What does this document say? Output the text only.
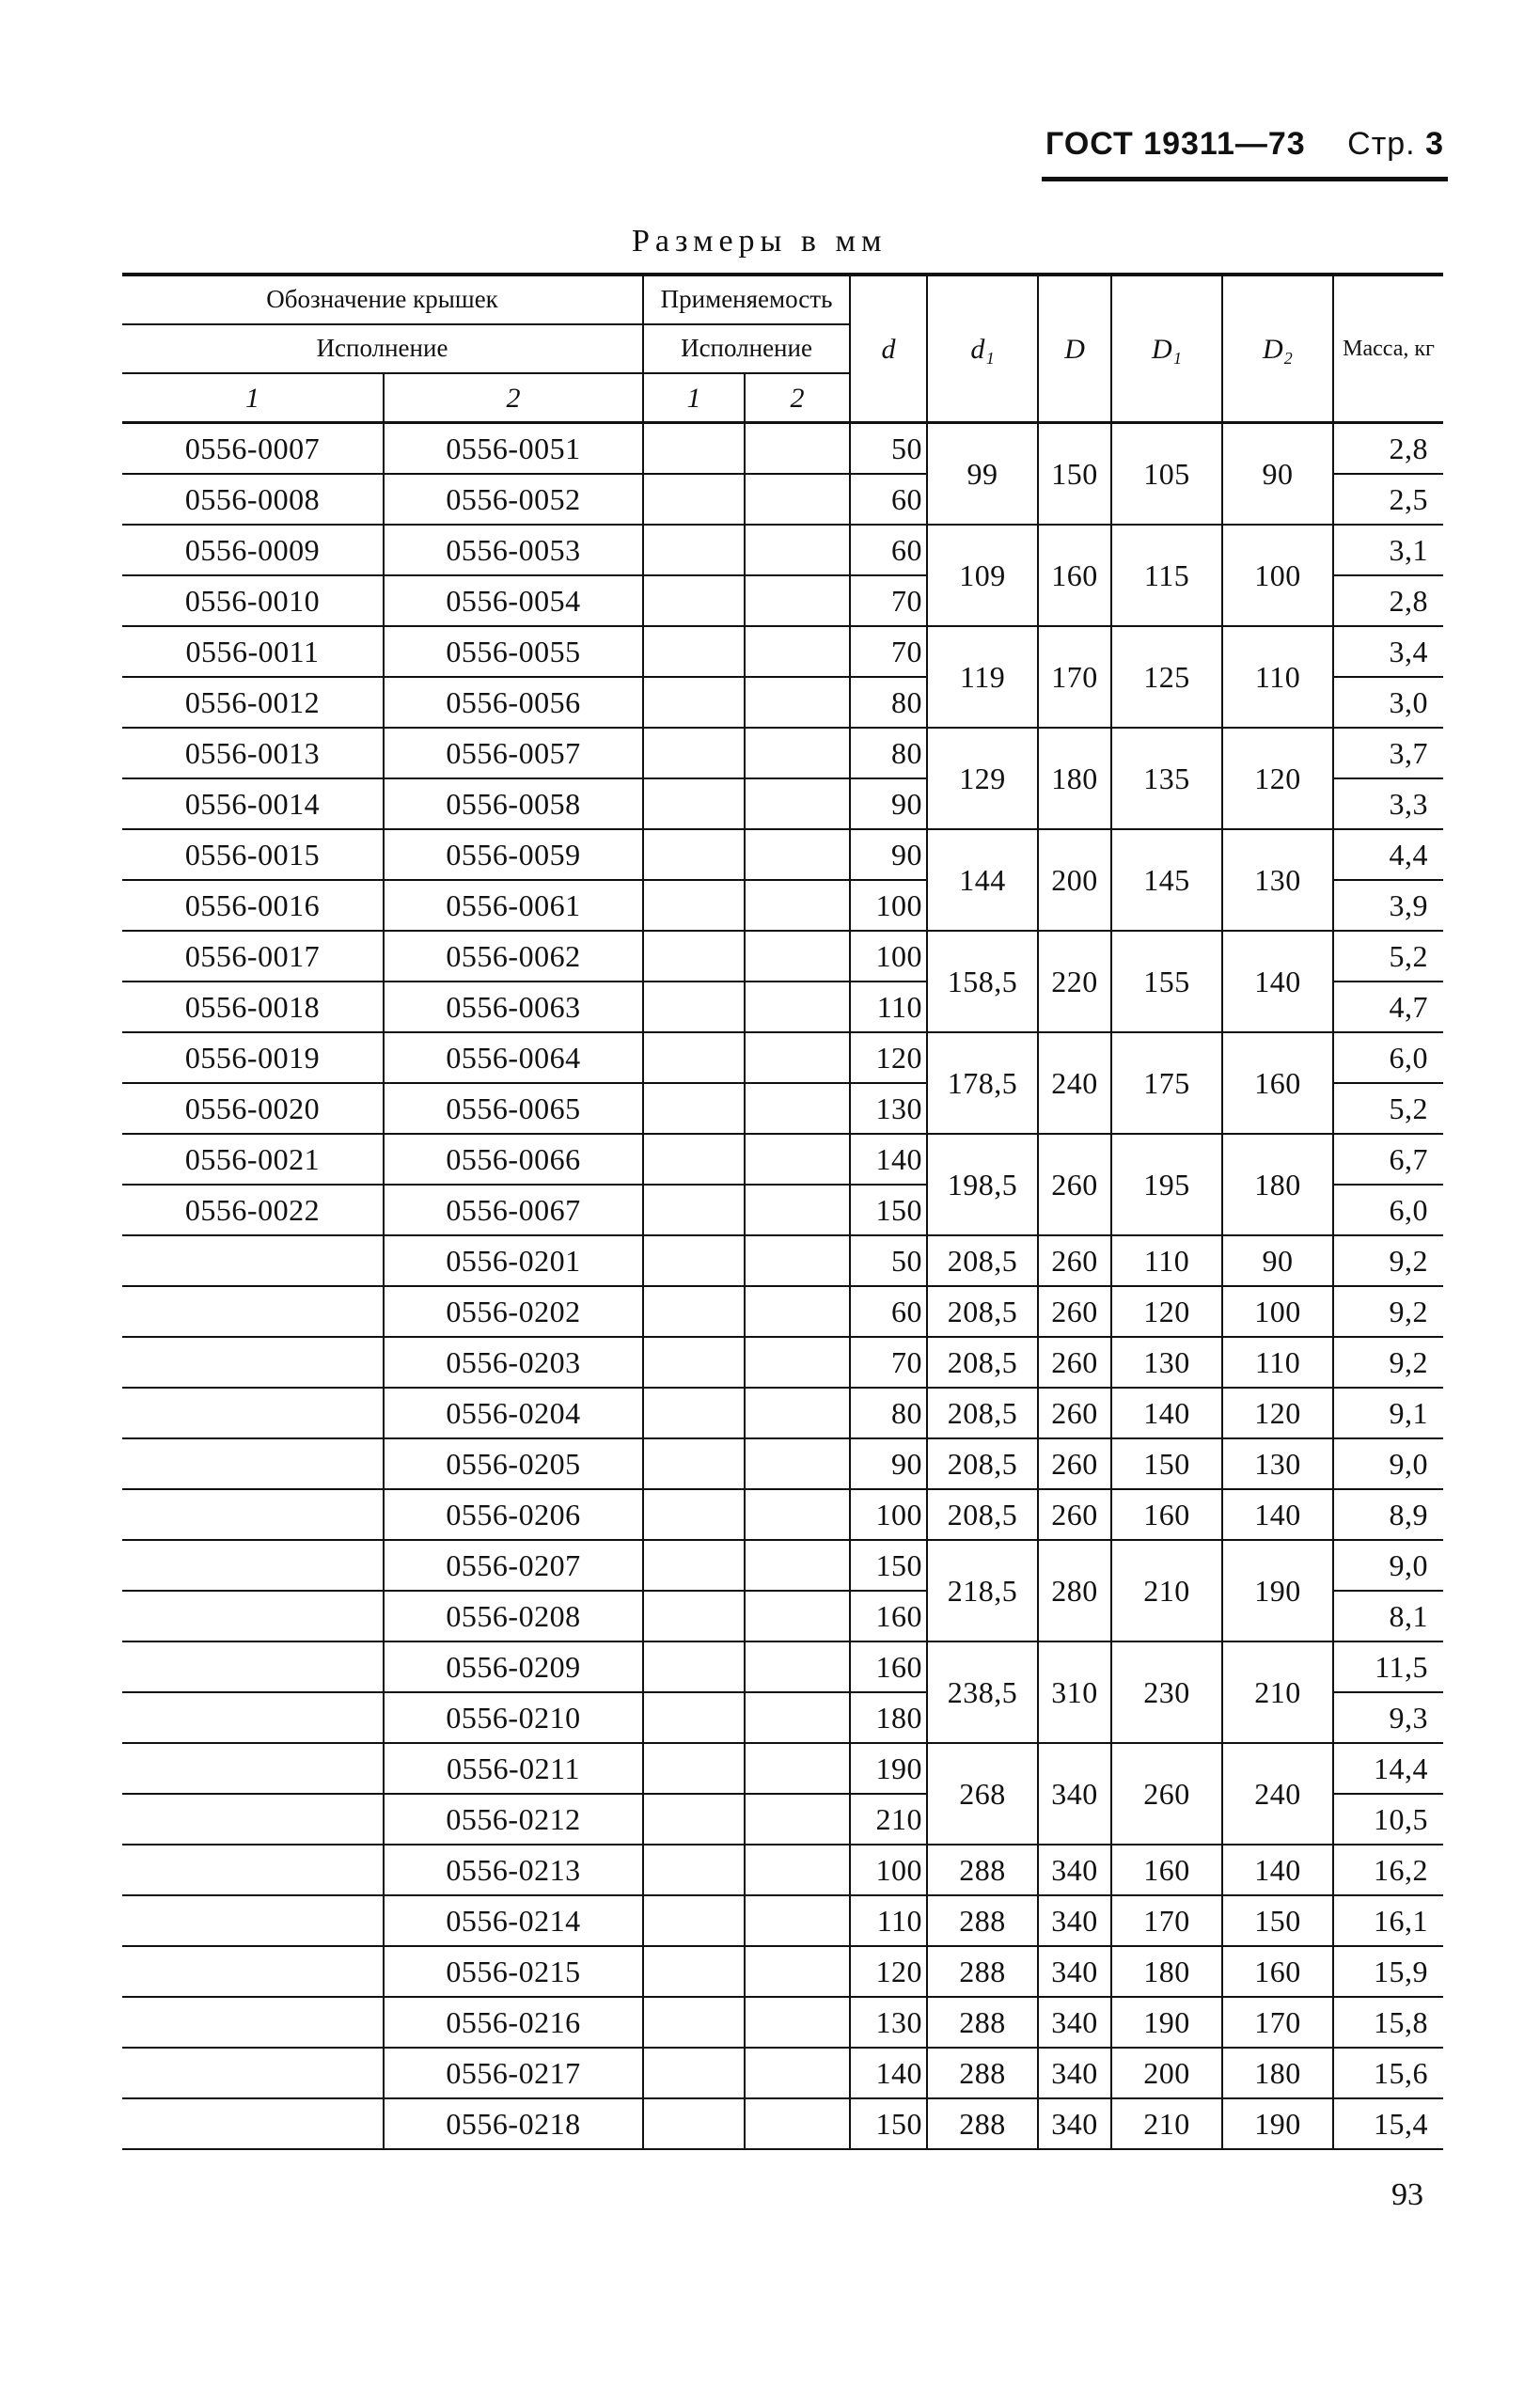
ГОСТ 19311—73 Стр. 3
Размеры в мм
Обозначение крышек		Применяемость		d	d₁	D	D₁	D₂	Масса, кг
Исполнение		Исполнение							
1	2	1	2						
0556-0007	0556-0051			50	99	150	105	90	2,8
0556-0008	0556-0052			60					2,5
0556-0009	0556-0053			60	109	160	115	100	3,1
0556-0010	0556-0054			70					2,8
0556-0011	0556-0055			70	119	170	125	110	3,4
0556-0012	0556-0056			80					3,0
0556-0013	0556-0057			80	129	180	135	120	3,7
0556-0014	0556-0058			90					3,3
0556-0015	0556-0059			90	144	200	145	130	4,4
0556-0016	0556-0061			100					3,9
0556-0017	0556-0062			100	158,5	220	155	140	5,2
0556-0018	0556-0063			110					4,7
0556-0019	0556-0064			120	178,5	240	175	160	6,0
0556-0020	0556-0065			130					5,2
0556-0021	0556-0066			140	198,5	260	195	180	6,7
0556-0022	0556-0067			150					6,0
	0556-0201			50	208,5	260	110	90	9,2
	0556-0202			60	208,5	260	120	100	9,2
	0556-0203			70	208,5	260	130	110	9,2
	0556-0204			80	208,5	260	140	120	9,1
	0556-0205			90	208,5	260	150	130	9,0
	0556-0206			100	208,5	260	160	140	8,9
	0556-0207			150	218,5	280	210	190	9,0
	0556-0208			160					8,1
	0556-0209			160	238,5	310	230	210	11,5
	0556-0210			180					9,3
	0556-0211			190	268	340	260	240	14,4
	0556-0212			210					10,5
	0556-0213			100	288	340	160	140	16,2
	0556-0214			110	288	340	170	150	16,1
	0556-0215			120	288	340	180	160	15,9
	0556-0216			130	288	340	190	170	15,8
	0556-0217			140	288	340	200	180	15,6
	0556-0218			150	288	340	210	190	15,4
93
